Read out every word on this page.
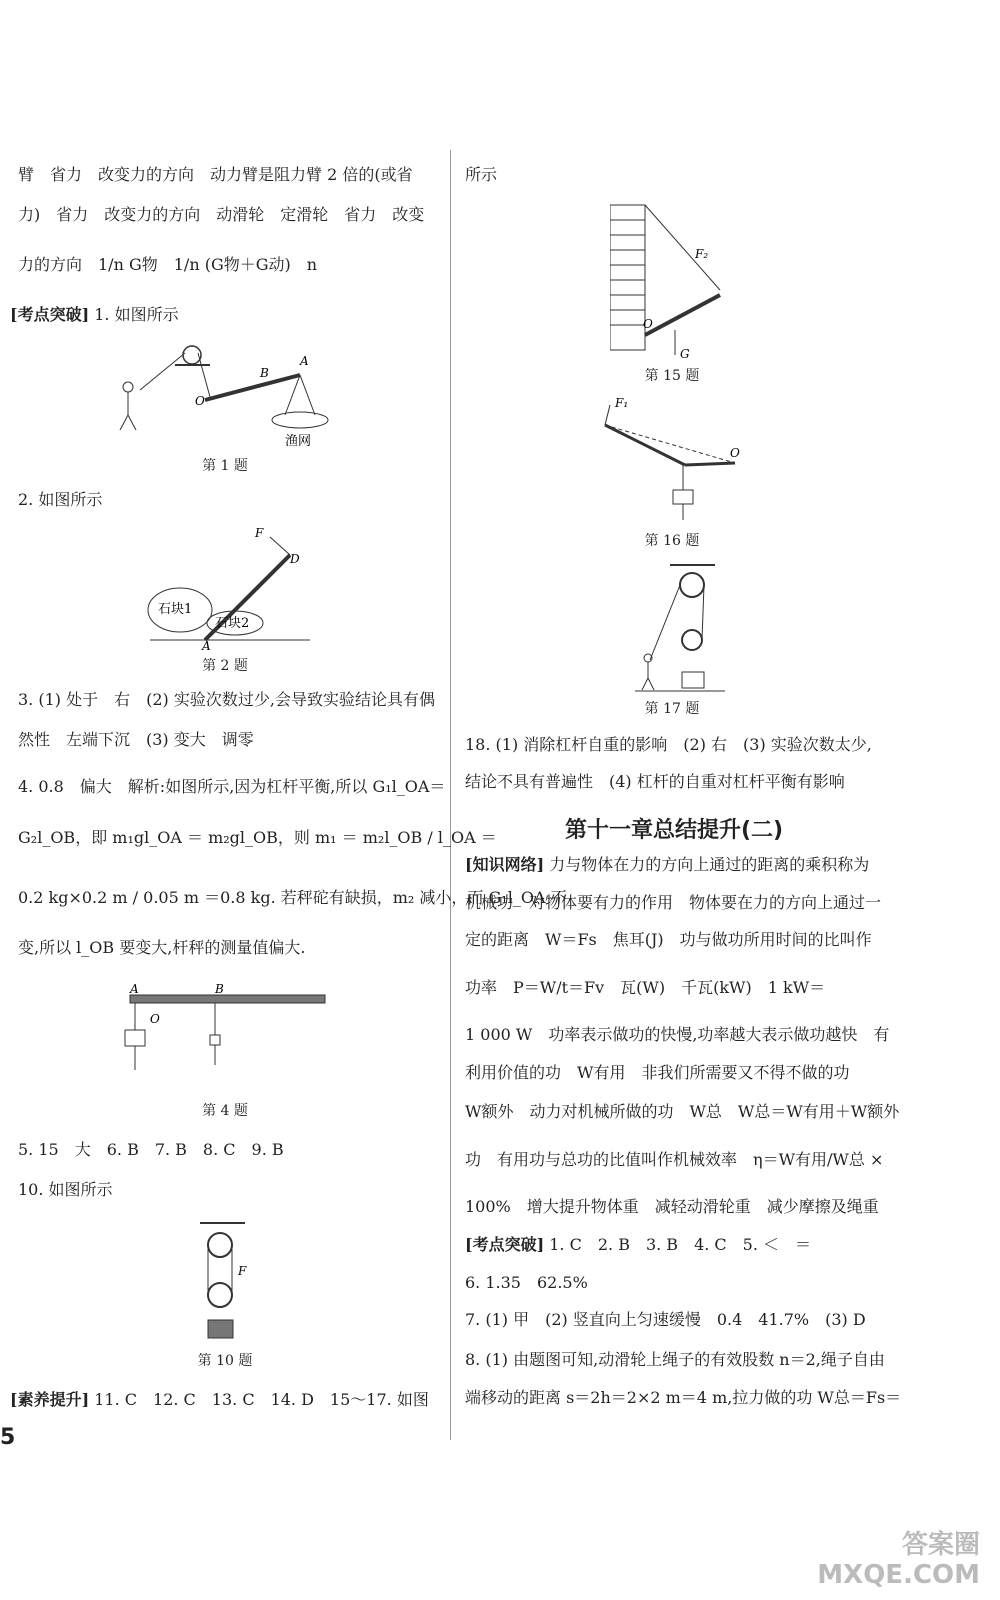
臂　省力　改变力的方向　动力臂是阻力臂 2 倍的(或省
力)　省力　改变力的方向　动滑轮　定滑轮　省力　改变
力的方向　1/n G物　1/n (G物＋G动)　n
[考点突破] 1. 如图所示
O
B
A
渔网
第 1 题
2. 如图所示
F
D
A
石块1
石块2
第 2 题
3. (1) 处于　右　(2) 实验次数过少,会导致实验结论具有偶
然性　左端下沉　(3) 变大　调零
4. 0.8　偏大　解析:如图所示,因为杠杆平衡,所以 G₁l_OA＝
G₂l_OB，即 m₁gl_OA ＝ m₂gl_OB，则 m₁ ＝ m₂l_OB / l_OA ＝
0.2 kg×0.2 m / 0.05 m ＝0.8 kg. 若秤砣有缺损，m₂ 减小，而 G₁l_OA 不
变,所以 l_OB 要变大,杆秤的测量值偏大.
A
O
B
第 4 题
5. 15　大　6. B　7. B　8. C　9. B
10. 如图所示
F
第 10 题
[素养提升] 11. C　12. C　13. C　14. D　15～17. 如图
所示
F₂
O
G
第 15 题
F₁
O
第 16 题
第 17 题
18. (1) 消除杠杆自重的影响　(2) 右　(3) 实验次数太少,
结论不具有普遍性　(4) 杠杆的自重对杠杆平衡有影响
第十一章总结提升(二)
[知识网络] 力与物体在力的方向上通过的距离的乘积称为
机械功　对物体要有力的作用　物体要在力的方向上通过一
定的距离　W＝Fs　焦耳(J)　功与做功所用时间的比叫作
功率　P＝W/t＝Fv　瓦(W)　千瓦(kW)　1 kW＝
1 000 W　功率表示做功的快慢,功率越大表示做功越快　有
利用价值的功　W有用　非我们所需要又不得不做的功
W额外　动力对机械所做的功　W总　W总＝W有用＋W额外
功　有用功与总功的比值叫作机械效率　η＝W有用/W总 ×
100%　增大提升物体重　减轻动滑轮重　减少摩擦及绳重
[考点突破] 1. C　2. B　3. B　4. C　5. ＜　＝
6. 1.35　62.5%
7. (1) 甲　(2) 竖直向上匀速缓慢　0.4　41.7%　(3) D
8. (1) 由题图可知,动滑轮上绳子的有效股数 n＝2,绳子自由
端移动的距离 s＝2h＝2×2 m＝4 m,拉力做的功 W总＝Fs＝
5
答案圈
MXQE.COM
